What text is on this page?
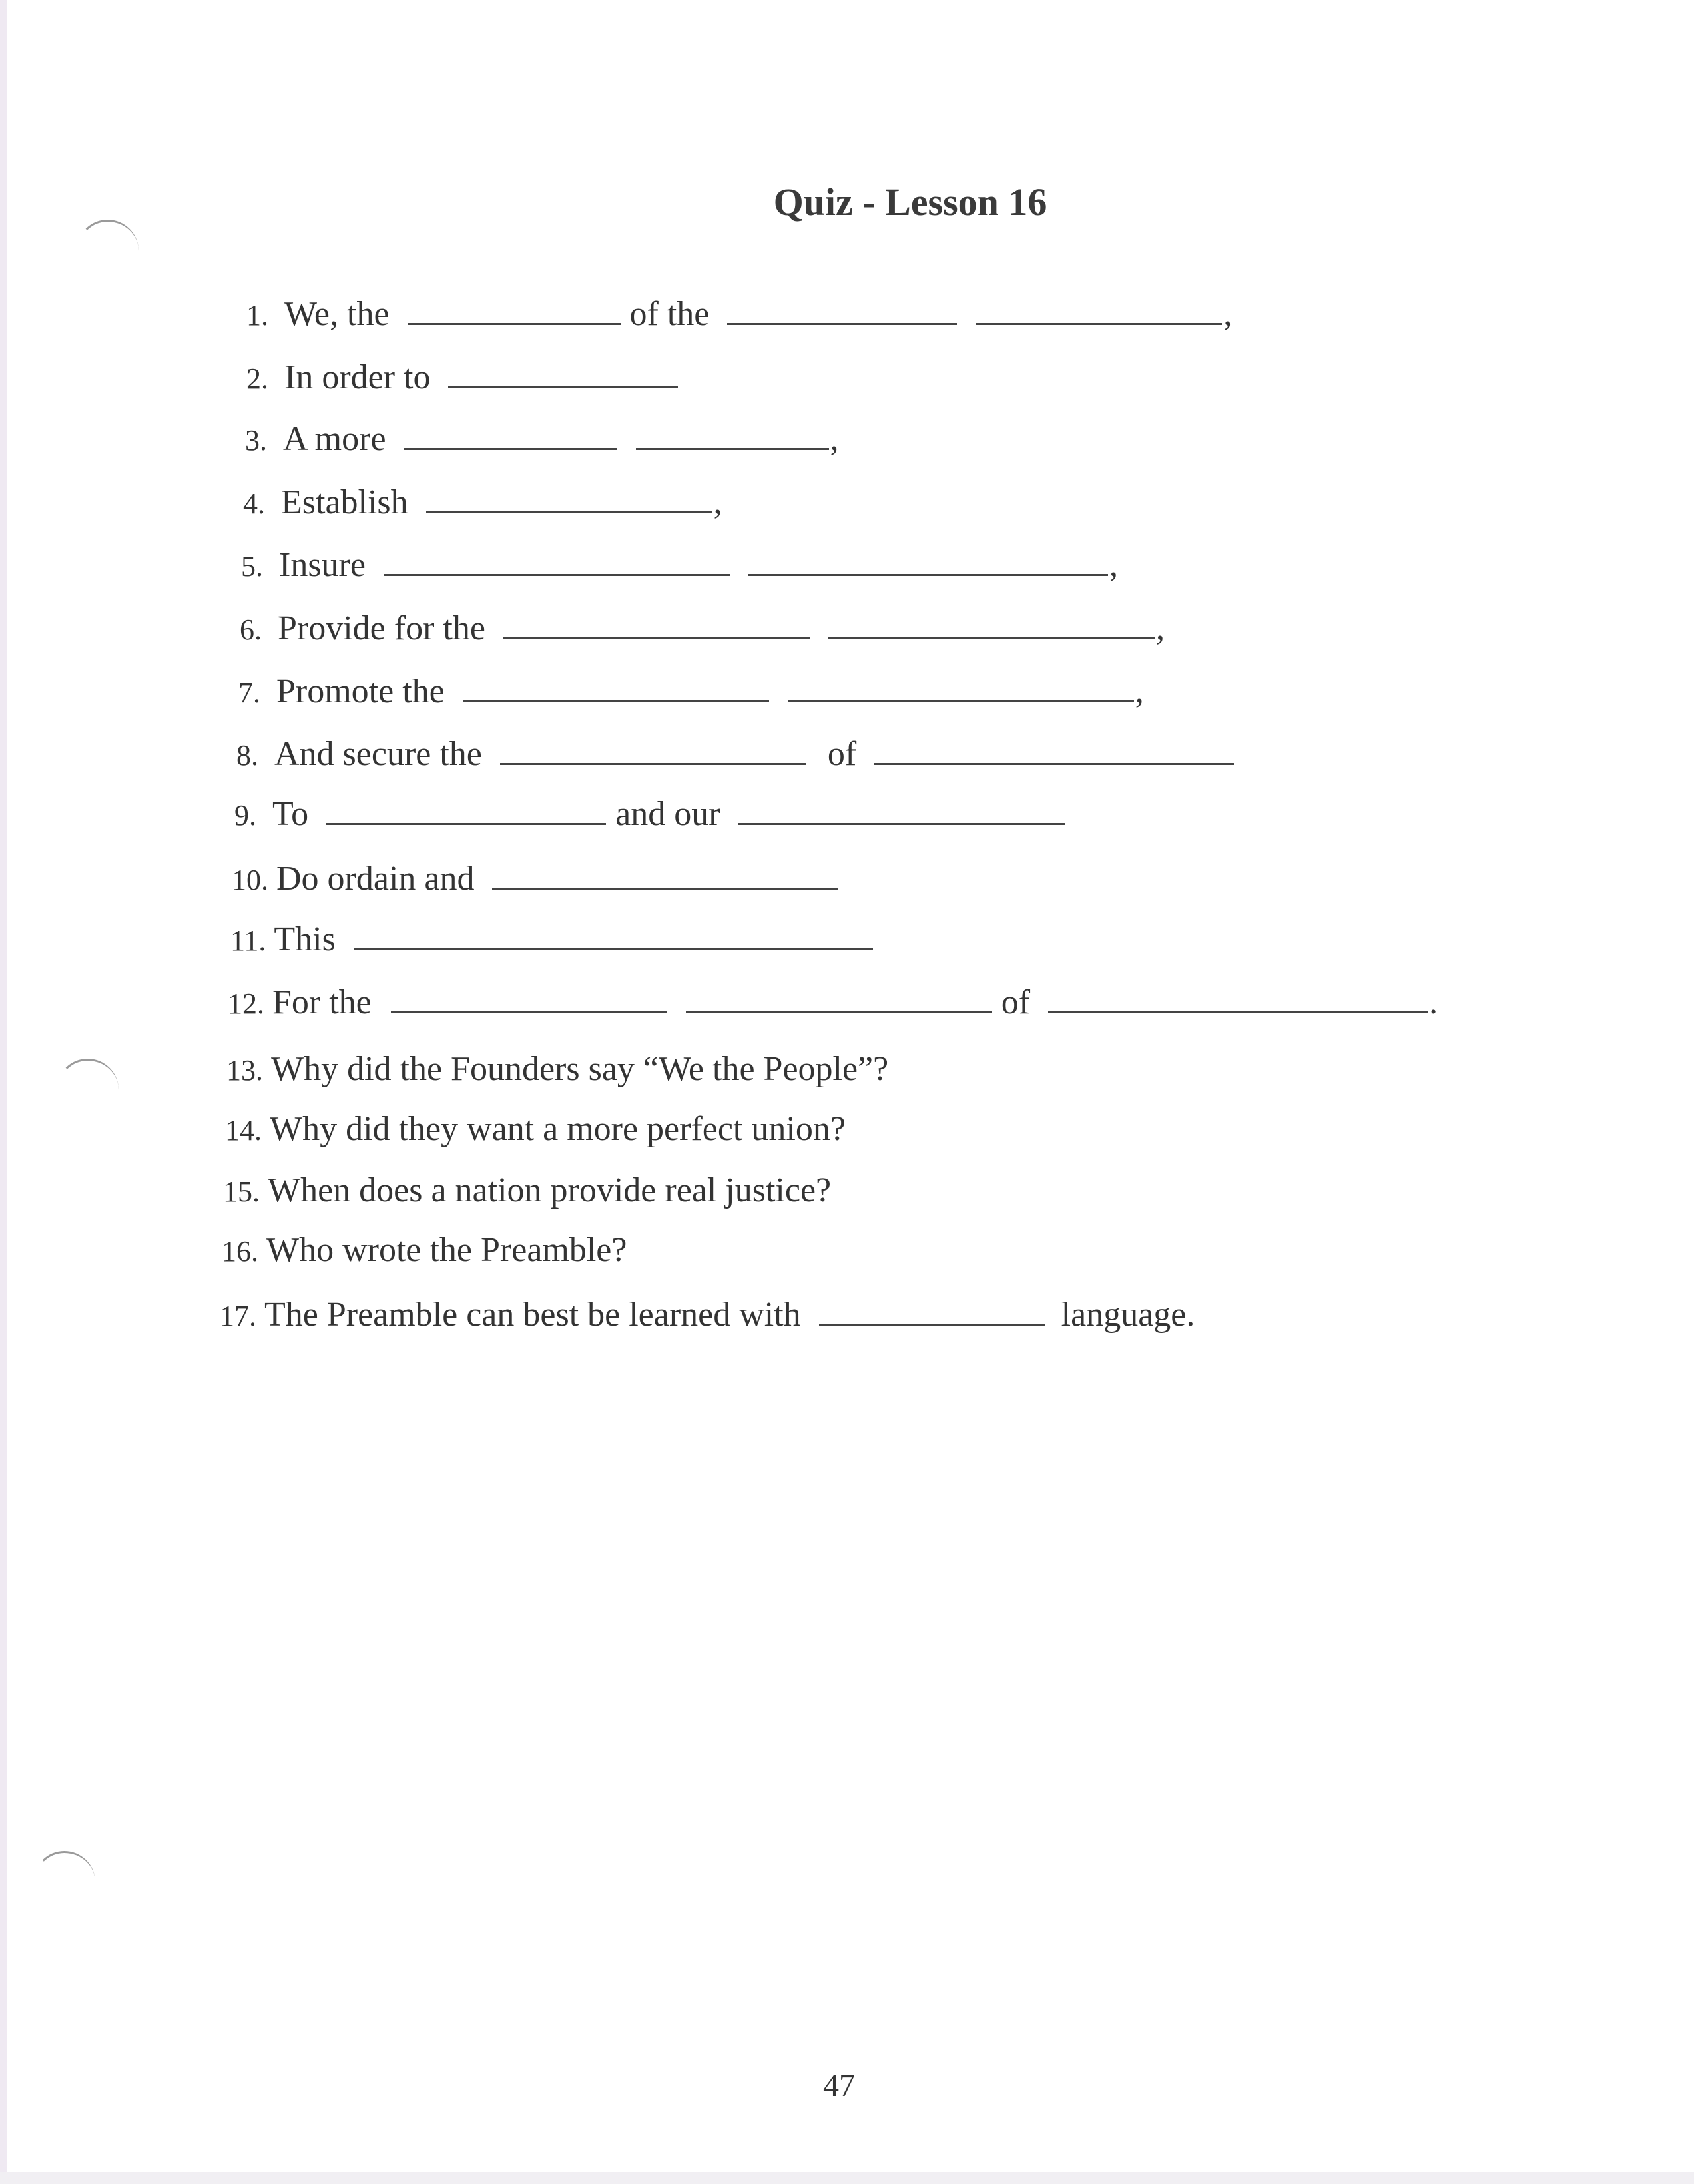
Quiz - Lesson 16
1. We, the	of the	,
2. In order to
3. A more	,
4. Establish	,
5. Insure	,
6. Provide for the	,
7. Promote the	,
8. And secure the	of
9. To	and our
10. Do ordain and
11. This
12. For the	of	.
13. Why did the Founders say “We the People”?
14. Why did they want a more perfect union?
15. When does a nation provide real justice?
16. Who wrote the Preamble?
17. The Preamble can best be learned with	language.
47
